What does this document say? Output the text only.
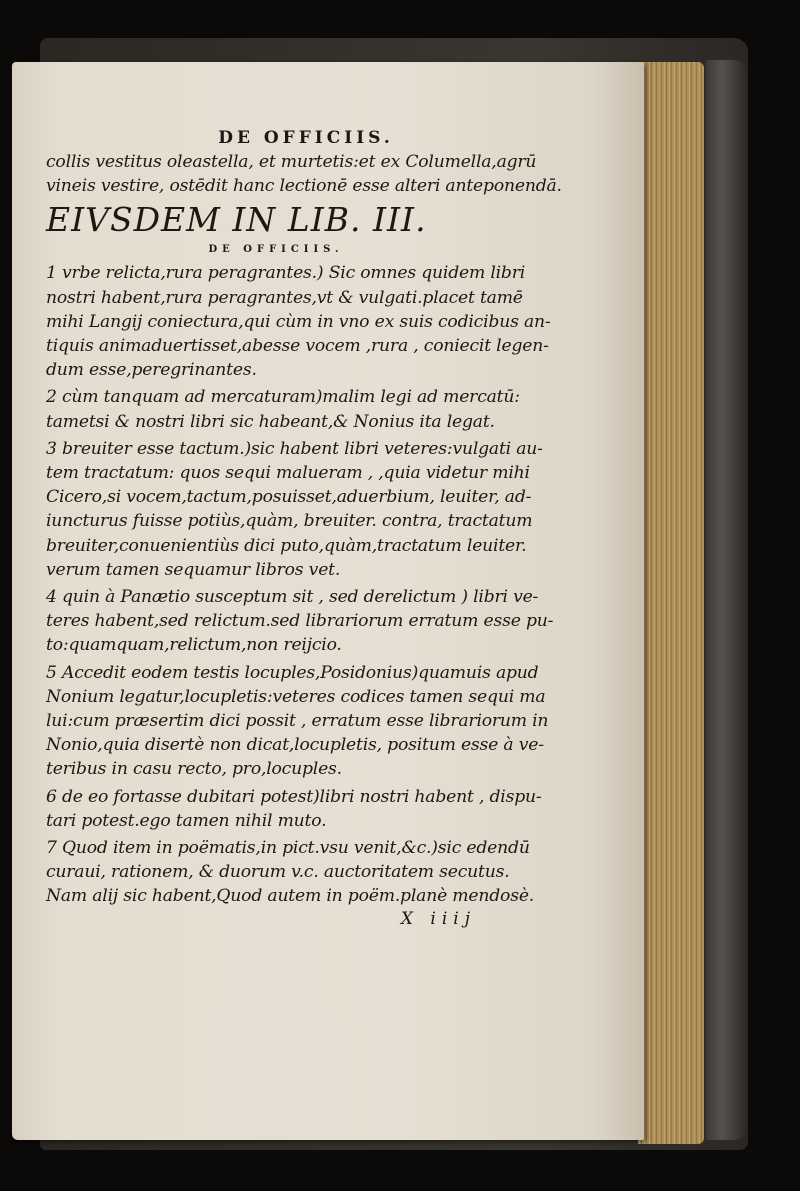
DE OFFICIIS.
collis vestitus oleastella, et murtetis:et ex Columella,agrū
vineis vestire, ostēdit hanc lectionē esse alteri anteponendā.
EIVSDEM IN LIB. III.
DE OFFICIIS.
1 vrbe relicta,rura peragrantes.) Sic omnes quidem libri
nostri habent,rura peragrantes,vt & vulgati.placet tamē
mihi Langij coniectura,qui cùm in vno ex suis codicibus an-
tiquis animaduertisset,abesse vocem ,rura , coniecit legen-
dum esse,peregrinantes.
2 cùm tanquam ad mercaturam)malim legi ad mercatū:
tametsi & nostri libri sic habeant,& Nonius ita legat.
3 breuiter esse tactum.)sic habent libri veteres:vulgati au-
tem tractatum: quos sequi malueram , ,quia videtur mihi
Cicero,si vocem,tactum,posuisset,aduerbium, leuiter, ad-
iuncturus fuisse potiùs,quàm, breuiter. contra, tractatum
breuiter,conuenientiùs dici puto,quàm,tractatum leuiter.
verum tamen sequamur libros vet.
4 quin à Panætio susceptum sit , sed derelictum ) libri ve-
teres habent,sed relictum.sed librariorum erratum esse pu-
to:quamquam,relictum,non reijcio.
5 Accedit eodem testis locuples,Posidonius)quamuis apud
Nonium legatur,locupletis:veteres codices tamen sequi ma
lui:cum præsertim dici possit , erratum esse librariorum in
Nonio,quia disertè non dicat,locupletis, positum esse à ve-
teribus in casu recto, pro,locuples.
6 de eo fortasse dubitari potest)libri nostri habent , dispu-
tari potest.ego tamen nihil muto.
7 Quod item in poëmatis,in pict.vsu venit,&c.)sic edendū
curaui, rationem, & duorum v.c. auctoritatem secutus.
Nam alij sic habent,Quod autem in poëm.planè mendosè.
X iiij
